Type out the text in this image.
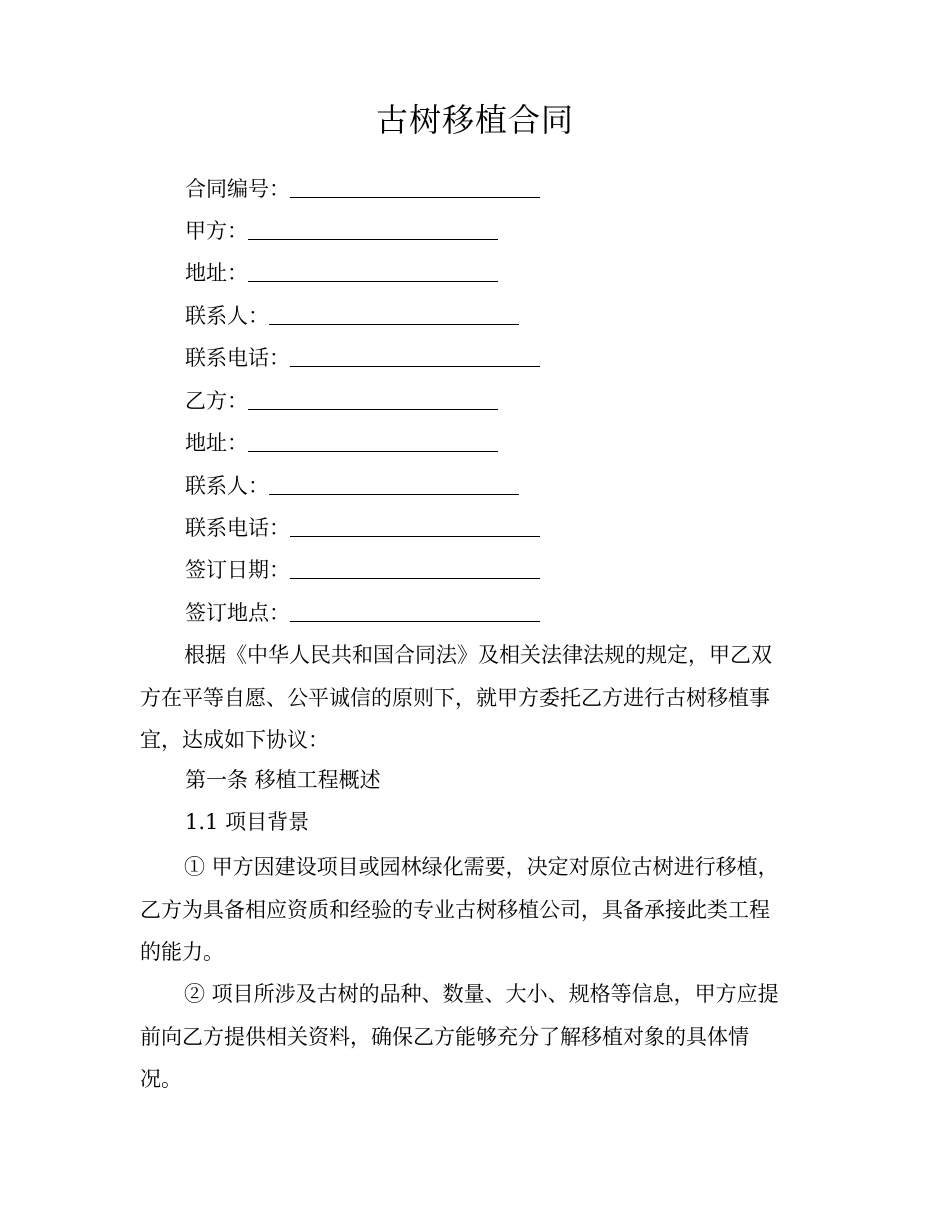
古树移植合同
合同编号：
甲方：
地址：
联系人：
联系电话：
乙方：
地址：
联系人：
联系电话：
签订日期：
签订地点：

根据《中华人民共和国合同法》及相关法律法规的规定，甲乙双
方在平等自愿、公平诚信的原则下，就甲方委托乙方进行古树移植事
宜，达成如下协议：

第一条 移植工程概述
1.1 项目背景

① 甲方因建设项目或园林绿化需要，决定对原位古树进行移植，
乙方为具备相应资质和经验的专业古树移植公司，具备承接此类工程
的能力。

② 项目所涉及古树的品种、数量、大小、规格等信息，甲方应提
前向乙方提供相关资料，确保乙方能够充分了解移植对象的具体情
况。
